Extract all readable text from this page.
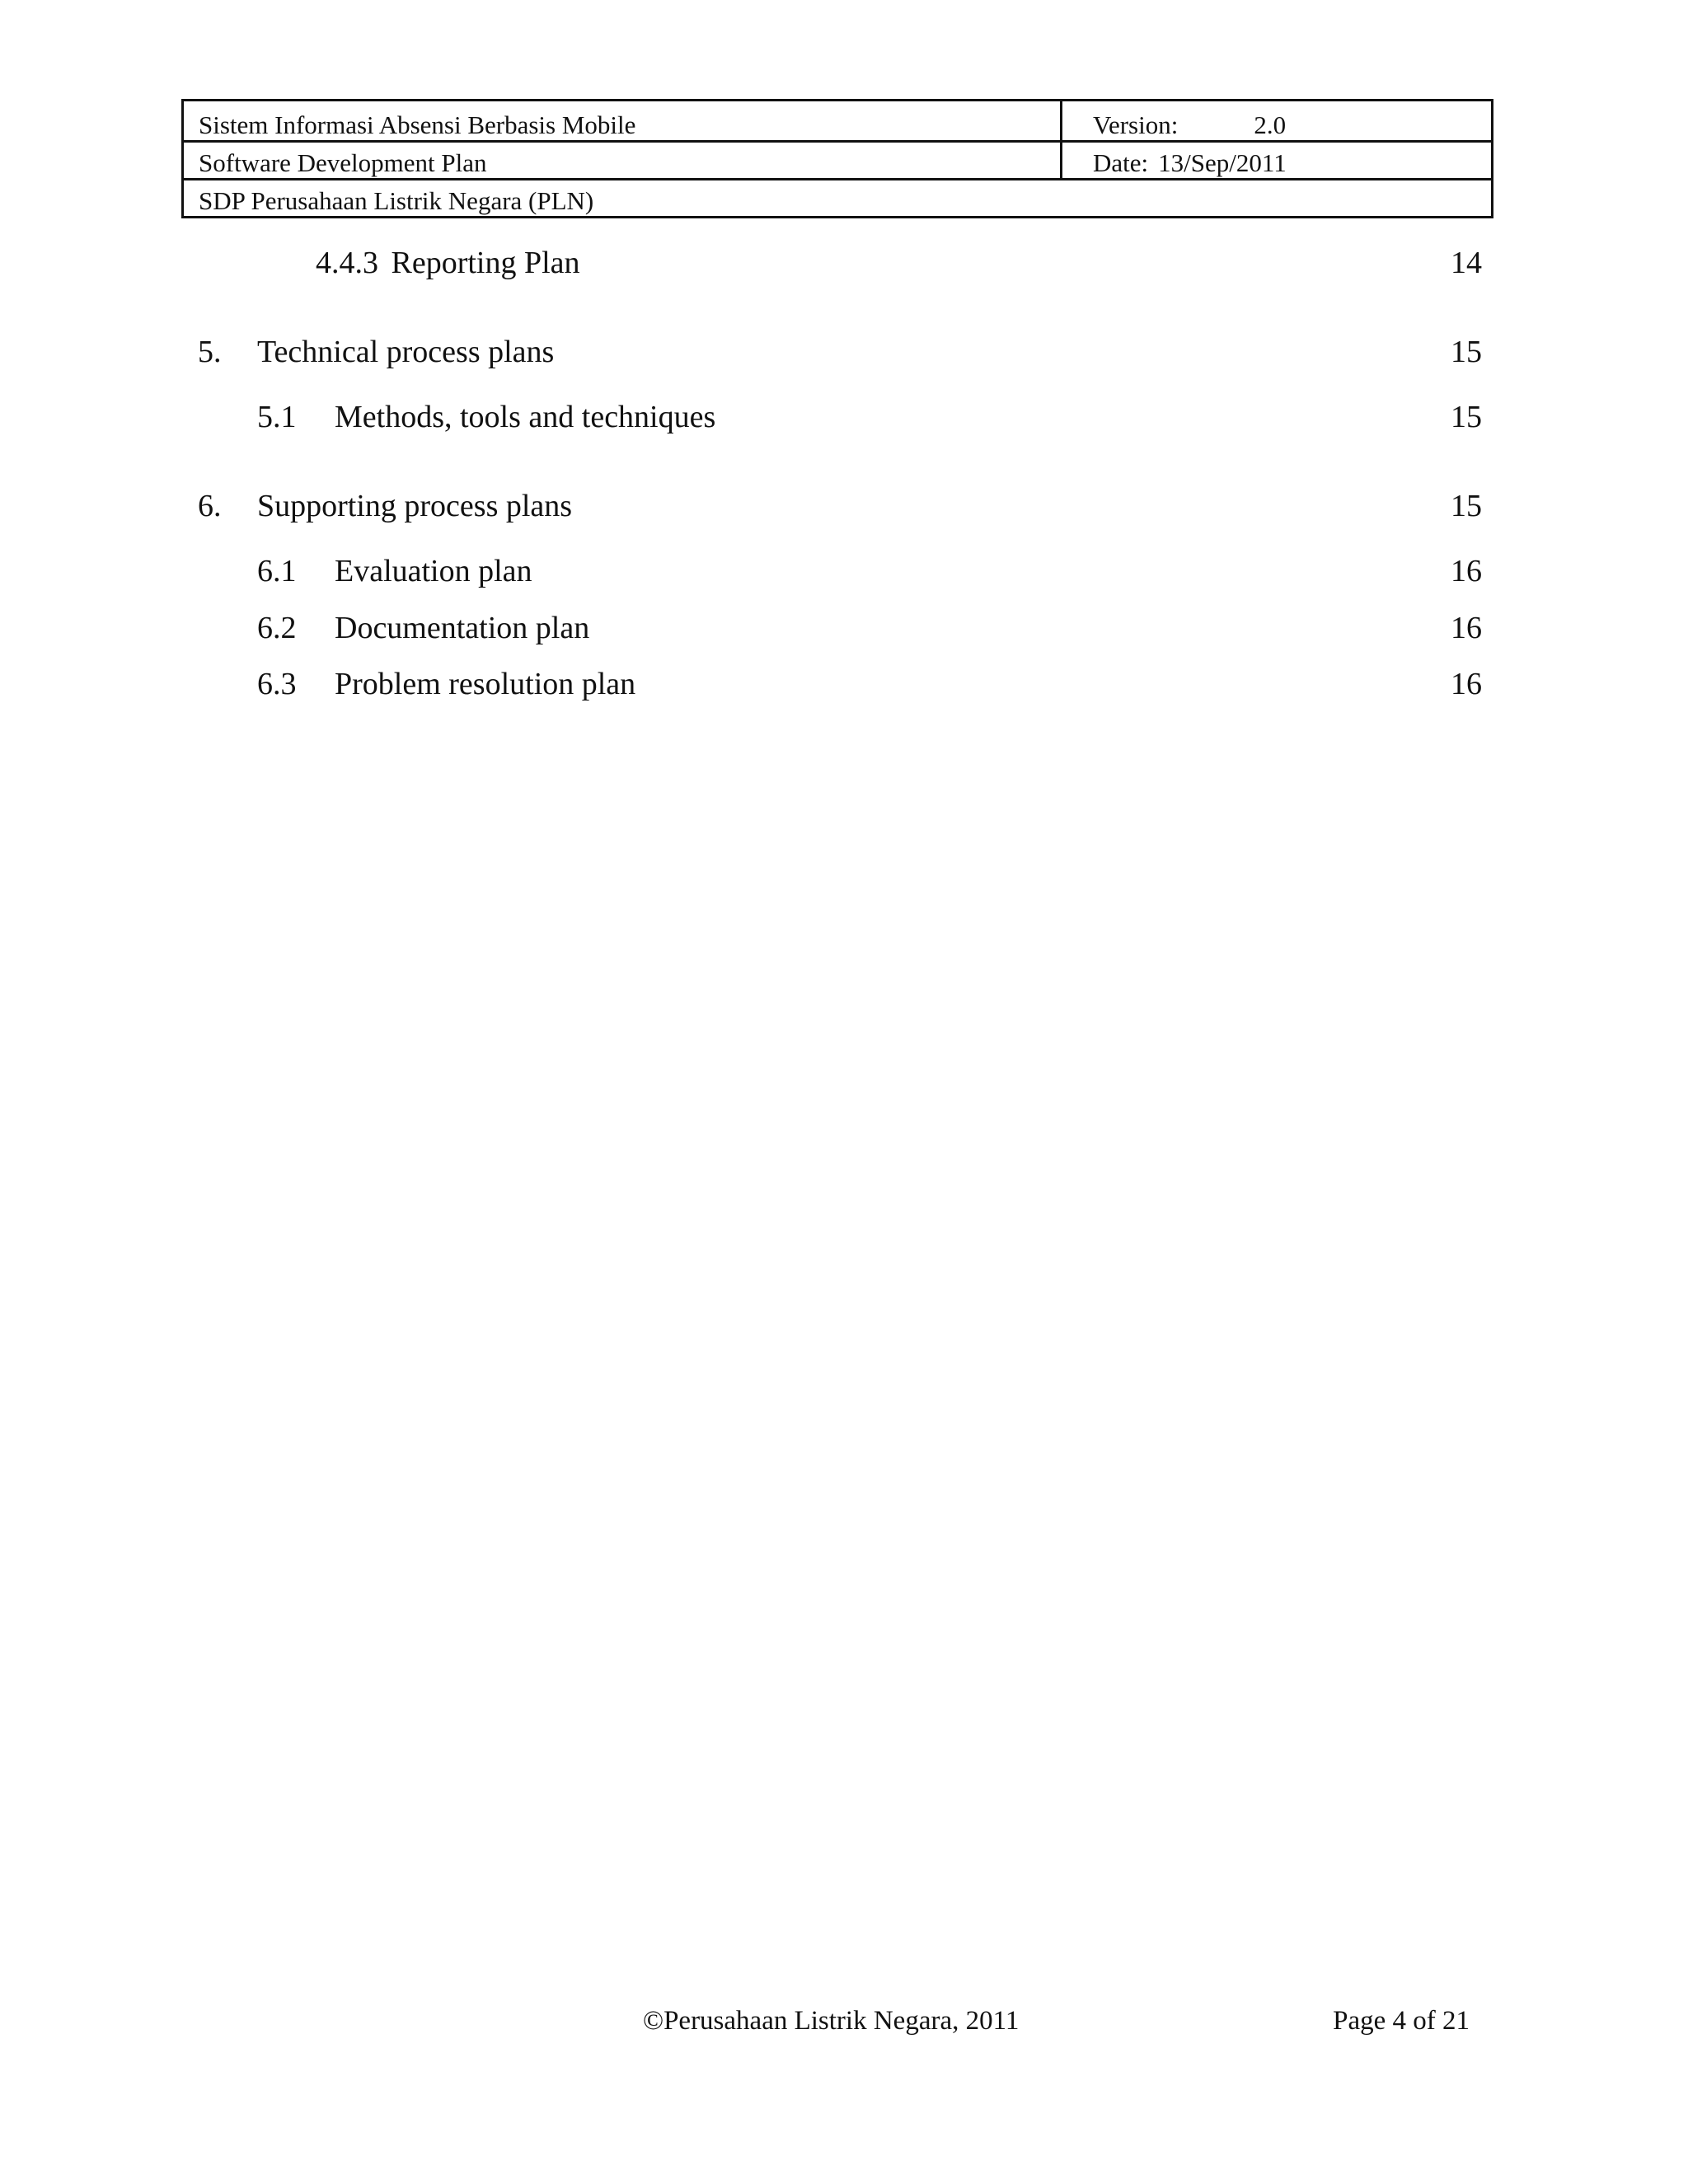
Sistem Informasi Absensi Berbasis Mobile	Version: 2.0
Software Development Plan	Date: 13/Sep/2011
SDP Perusahaan Listrik Negara (PLN)	
4.4.3 Reporting Plan	14
5. Technical process plans	15
5.1 Methods, tools and techniques	15
6. Supporting process plans	15
6.1 Evaluation plan	16
6.2 Documentation plan	16
6.3 Problem resolution plan	16
©Perusahaan Listrik Negara, 2011	Page 4 of 21
